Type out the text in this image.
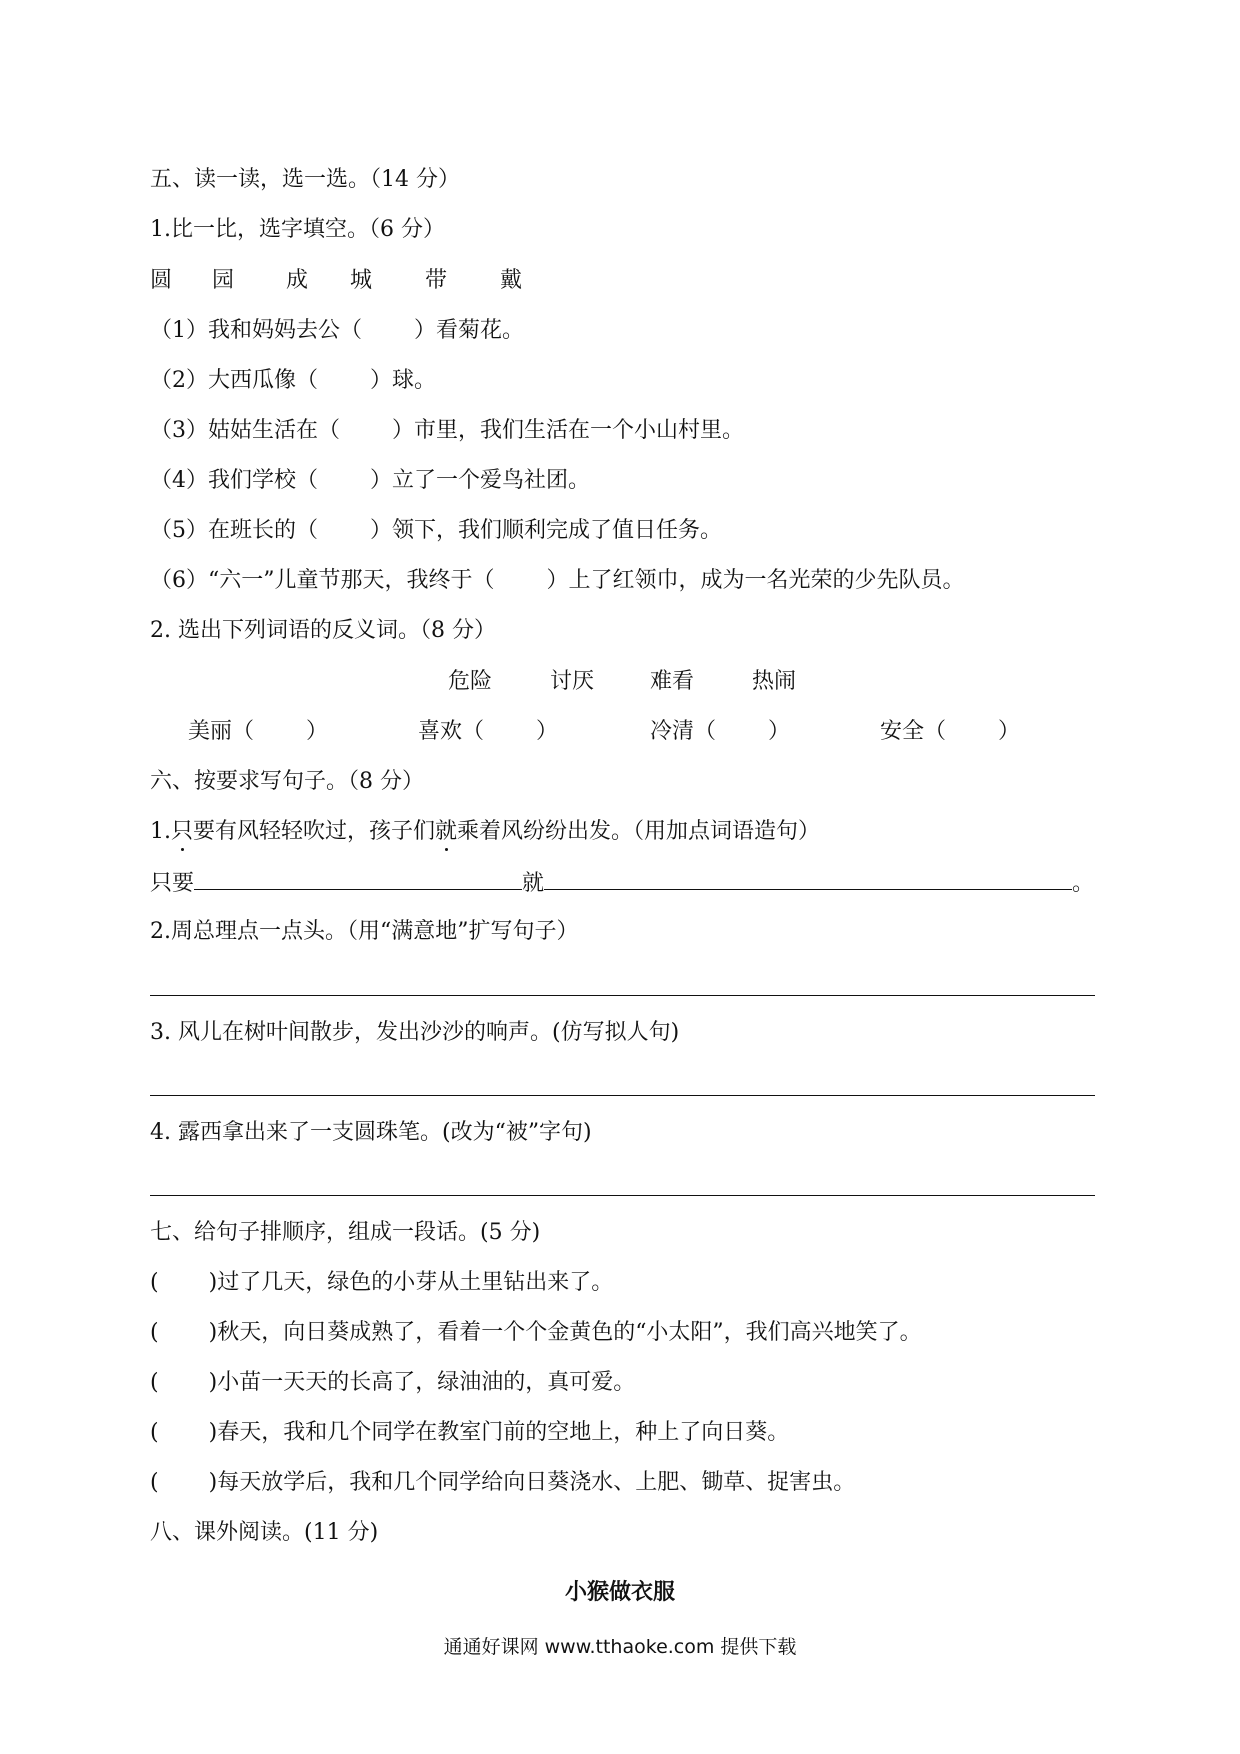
五、读一读，选一选。（14 分）
1.比一比，选字填空。（6 分）
圆 园 成 城 带 戴
（1）我和妈妈去公（ ）看菊花。
（2）大西瓜像（ ）球。
（3）姑姑生活在（ ）市里，我们生活在一个小山村里。
（4）我们学校（ ）立了一个爱鸟社团。
（5）在班长的（ ）领下，我们顺利完成了值日任务。
（6）“六一”儿童节那天，我终于（ ）上了红领巾，成为一名光荣的少先队员。
2. 选出下列词语的反义词。（8 分）
危险	讨厌	难看	热闹
美丽（ ）	喜欢（ ）	冷清（ ）	安全（ ）
六、按要求写句子。（8 分）
1.只要有风轻轻吹过，孩子们就乘着风纷纷出发。（用加点词语造句）
只要	就	。
2.周总理点一点头。（用“满意地”扩写句子）
3. 风儿在树叶间散步，发出沙沙的响声。(仿写拟人句)
4. 露西拿出来了一支圆珠笔。(改为“被”字句)
七、给句子排顺序，组成一段话。(5 分)
( )过了几天，绿色的小芽从土里钻出来了。
( )秋天，向日葵成熟了，看着一个个金黄色的“小太阳”，我们高兴地笑了。
( )小苗一天天的长高了，绿油油的，真可爱。
( )春天，我和几个同学在教室门前的空地上，种上了向日葵。
( )每天放学后，我和几个同学给向日葵浇水、上肥、锄草、捉害虫。
八、课外阅读。(11 分)
小猴做衣服
通通好课网 www.tthaoke.com 提供下载
